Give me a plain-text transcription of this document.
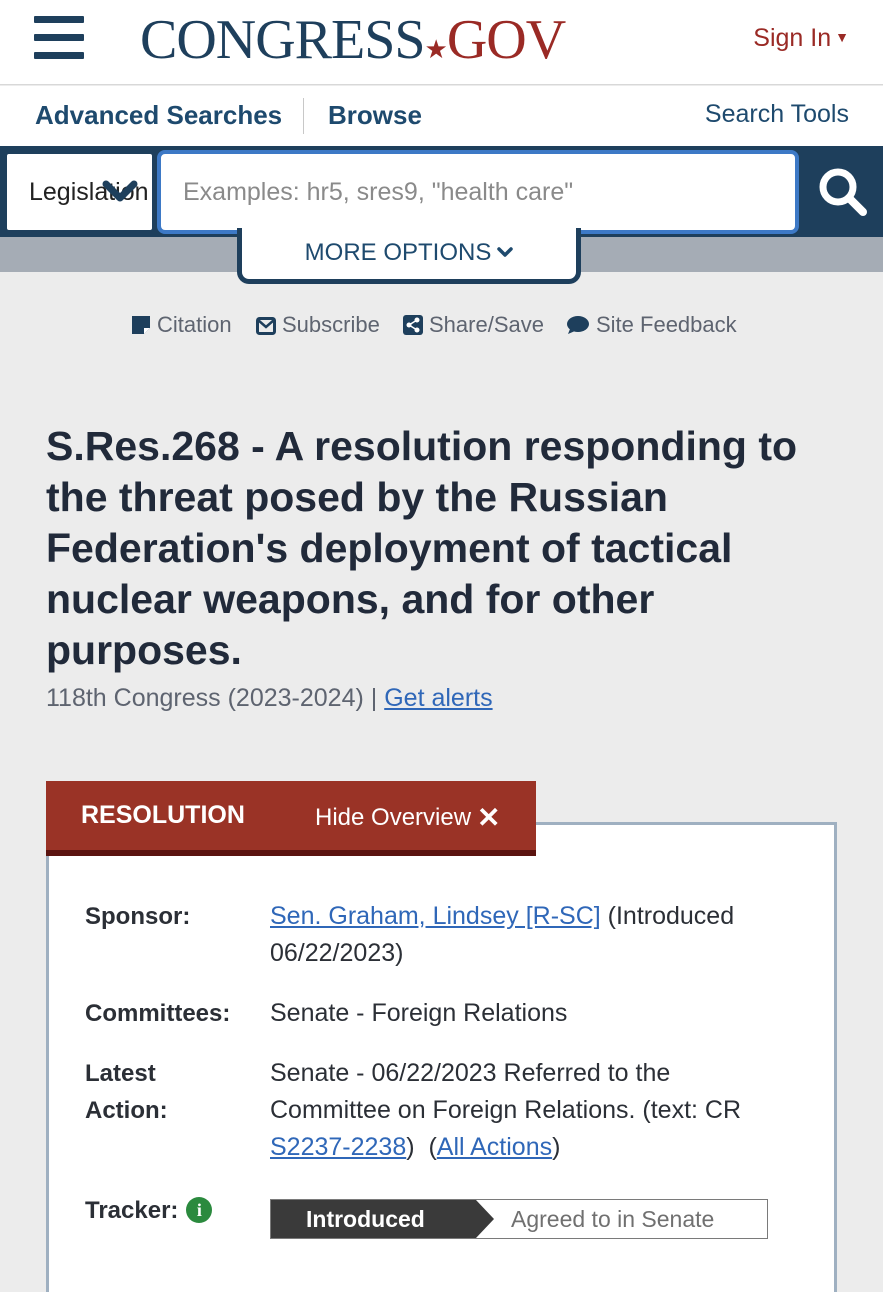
CONGRESS★GOV	Sign In ▼
Advanced Searches Browse	Search Tools
Legislation
Examples: hr5, sres9, "health care"
MORE OPTIONS
Citation	Subscribe	Share/Save	Site Feedback
S.Res.268 - A resolution responding to the threat posed by the Russian Federation's deployment of tactical nuclear weapons, and for other purposes.
118th Congress (2023-2024) | Get alerts
RESOLUTION	Hide Overview ✕
Sponsor:	Sen. Graham, Lindsey [R-SC] (Introduced 06/22/2023)
Committees: Senate - Foreign Relations
Latest
Action:
Senate - 06/22/2023 Referred to the Committee on Foreign Relations. (text: CR S2237-2238)  (All Actions)
Tracker: i	Introduced	Agreed to in Senate
